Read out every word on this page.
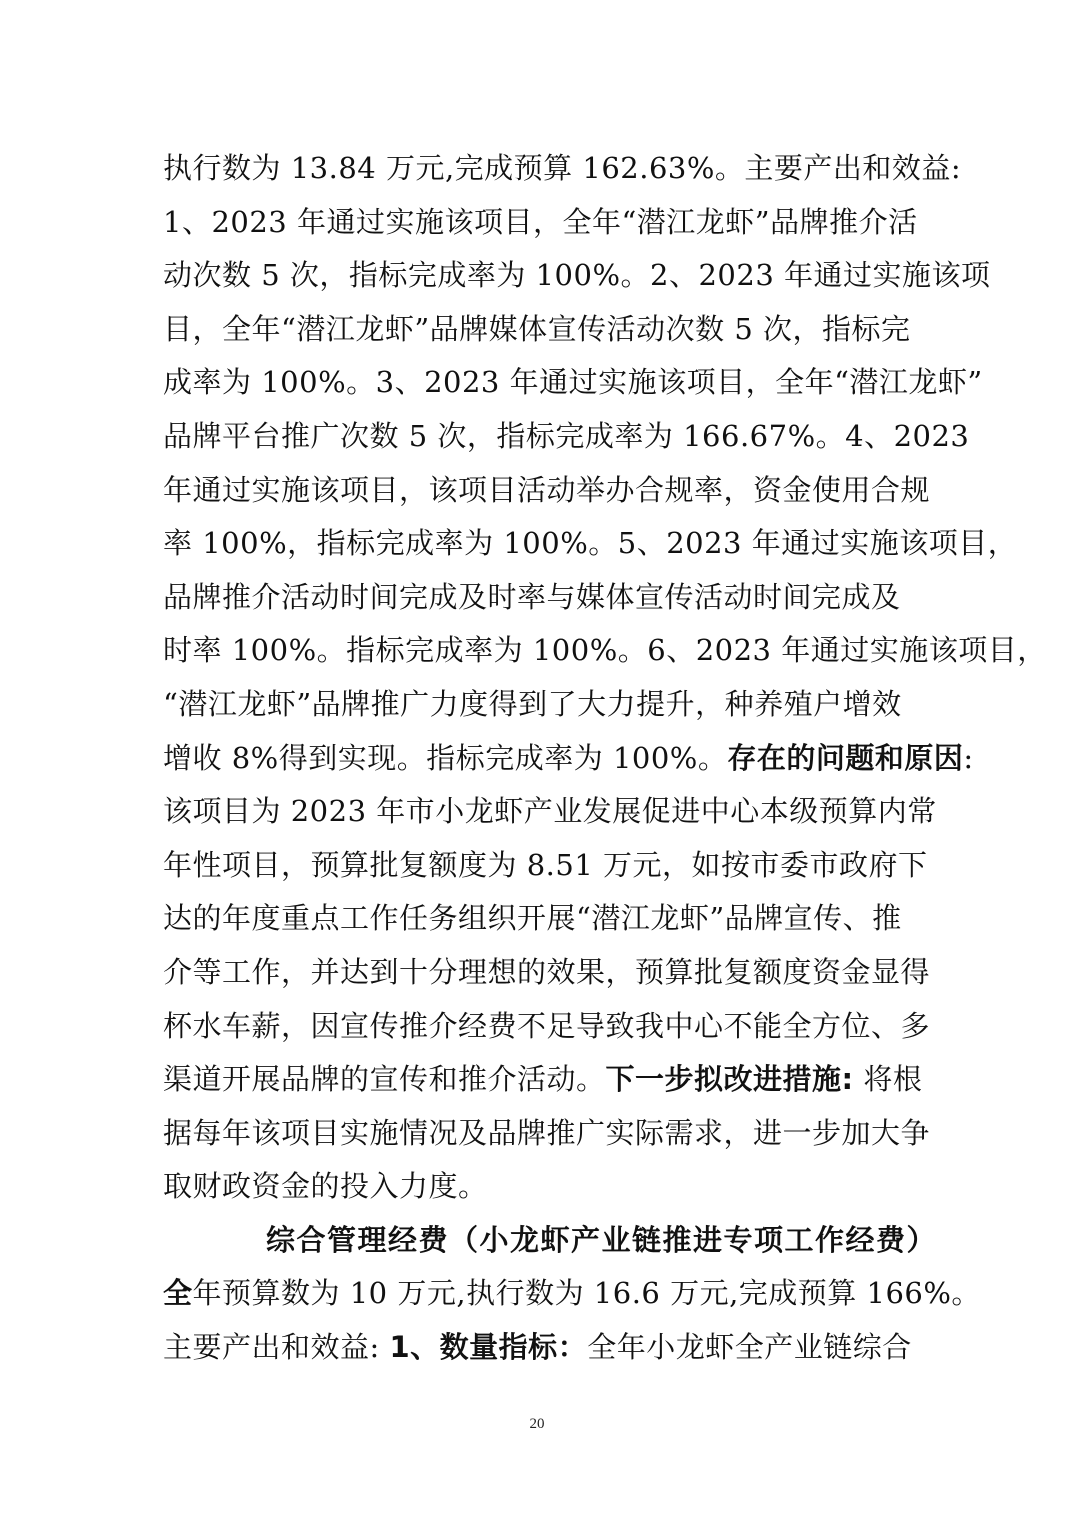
执行数为 13.84 万元,完成预算 162.63%。主要产出和效益:
1、2023 年通过实施该项目，全年“潜江龙虾”品牌推介活
动次数 5 次，指标完成率为 100%。2、2023 年通过实施该项
目，全年“潜江龙虾”品牌媒体宣传活动次数 5 次，指标完
成率为 100%。3、2023 年通过实施该项目，全年“潜江龙虾”
品牌平台推广次数 5 次，指标完成率为 166.67%。4、2023
年通过实施该项目，该项目活动举办合规率，资金使用合规
率 100%，指标完成率为 100%。5、2023 年通过实施该项目，
品牌推介活动时间完成及时率与媒体宣传活动时间完成及
时率 100%。指标完成率为 100%。6、2023 年通过实施该项目，
“潜江龙虾”品牌推广力度得到了大力提升，种养殖户增效
增收 8%得到实现。指标完成率为 100%。存在的问题和原因:
该项目为 2023 年市小龙虾产业发展促进中心本级预算内常
年性项目，预算批复额度为 8.51 万元，如按市委市政府下
达的年度重点工作任务组织开展“潜江龙虾”品牌宣传、推
介等工作，并达到十分理想的效果，预算批复额度资金显得
杯水车薪，因宣传推介经费不足导致我中心不能全方位、多
渠道开展品牌的宣传和推介活动。下一步拟改进措施: 将根
据每年该项目实施情况及品牌推广实际需求，进一步加大争
取财政资金的投入力度。
综合管理经费（小龙虾产业链推进专项工作经费）
全年预算数为 10 万元,执行数为 16.6 万元,完成预算 166%。
主要产出和效益: 1、数量指标：全年小龙虾全产业链综合
20
